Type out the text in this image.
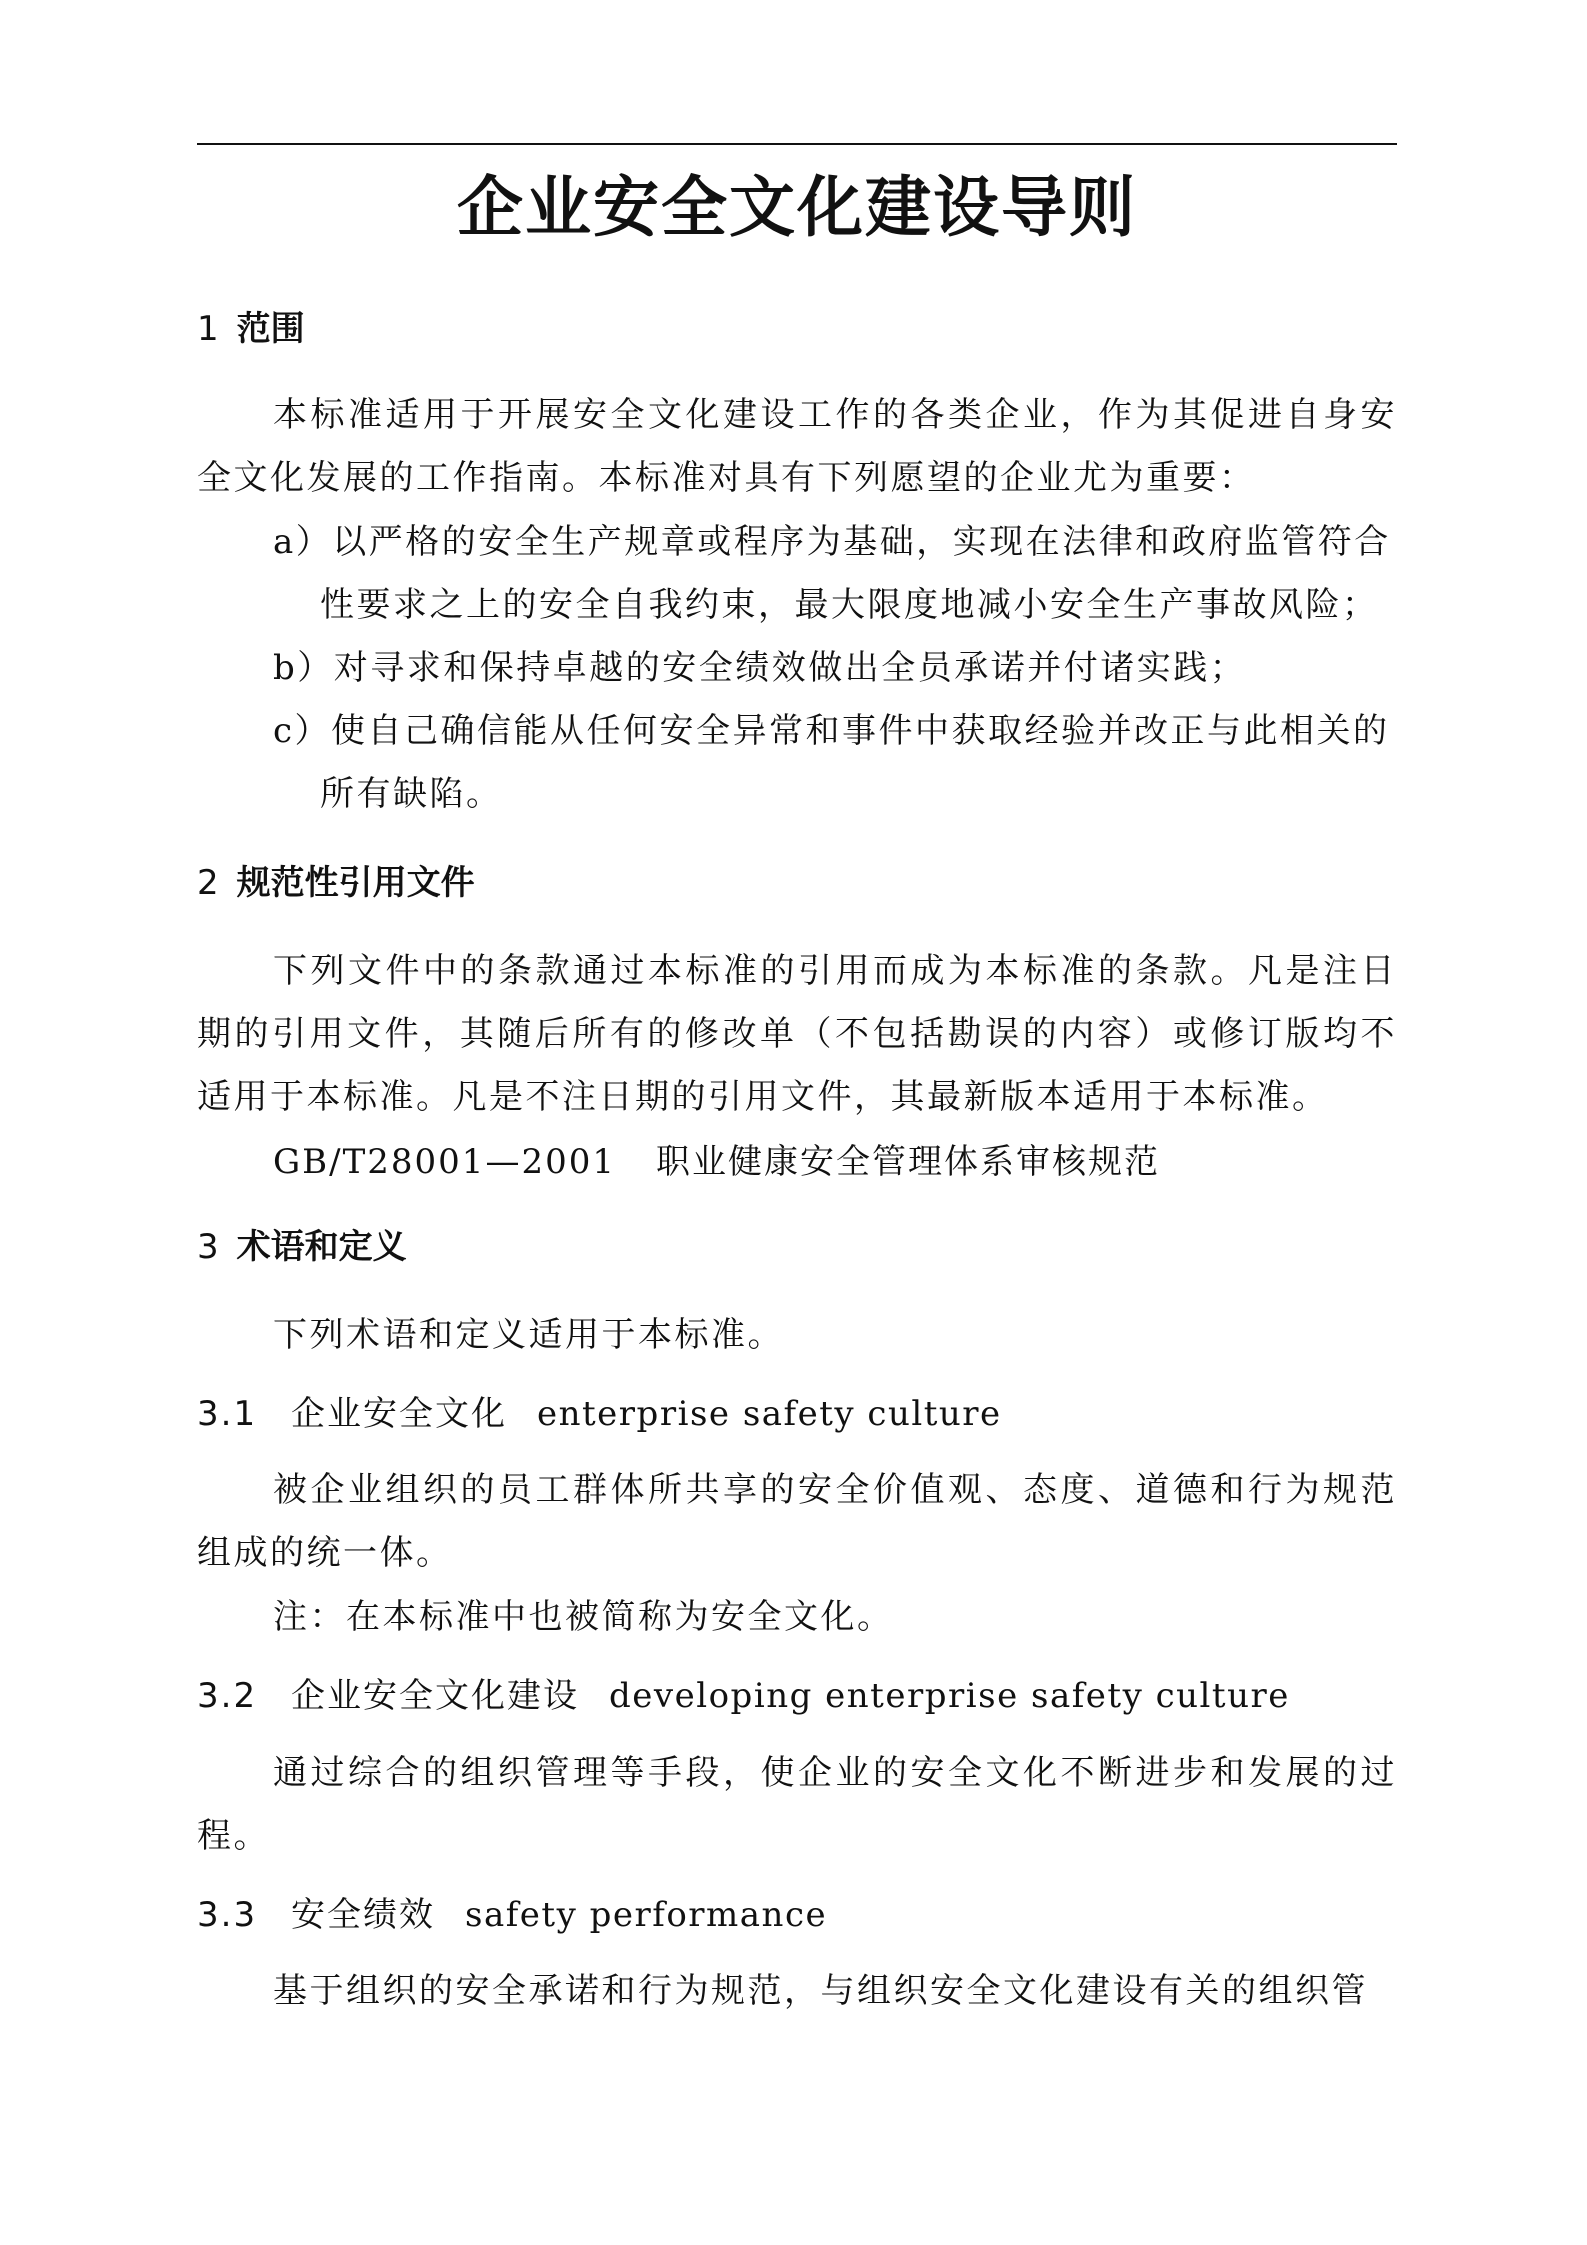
企业安全文化建设导则
1 范围

本标准适用于开展安全文化建设工作的各类企业，作为其促进自身安全文化发展的工作指南。本标准对具有下列愿望的企业尤为重要：

a）以严格的安全生产规章或程序为基础，实现在法律和政府监管符合
性要求之上的安全自我约束，最大限度地减小安全生产事故风险；

b）对寻求和保持卓越的安全绩效做出全员承诺并付诸实践；

c）使自己确信能从任何安全异常和事件中获取经验并改正与此相关的
所有缺陷。

2 规范性引用文件

下列文件中的条款通过本标准的引用而成为本标准的条款。凡是注日期的引用文件，其随后所有的修改单（不包括勘误的内容）或修订版均不适用于本标准。凡是不注日期的引用文件，其最新版本适用于本标准。

GB/T28001—2001 职业健康安全管理体系审核规范
3 术语和定义

下列术语和定义适用于本标准。

3.1 企业安全文化 enterprise safety culture

被企业组织的员工群体所共享的安全价值观、态度、道德和行为规范组成的统一体。

注：在本标准中也被简称为安全文化。

3.2 企业安全文化建设 developing enterprise safety culture

通过综合的组织管理等手段，使企业的安全文化不断进步和发展的过程。

3.3 安全绩效 safety performance

基于组织的安全承诺和行为规范，与组织安全文化建设有关的组织管
